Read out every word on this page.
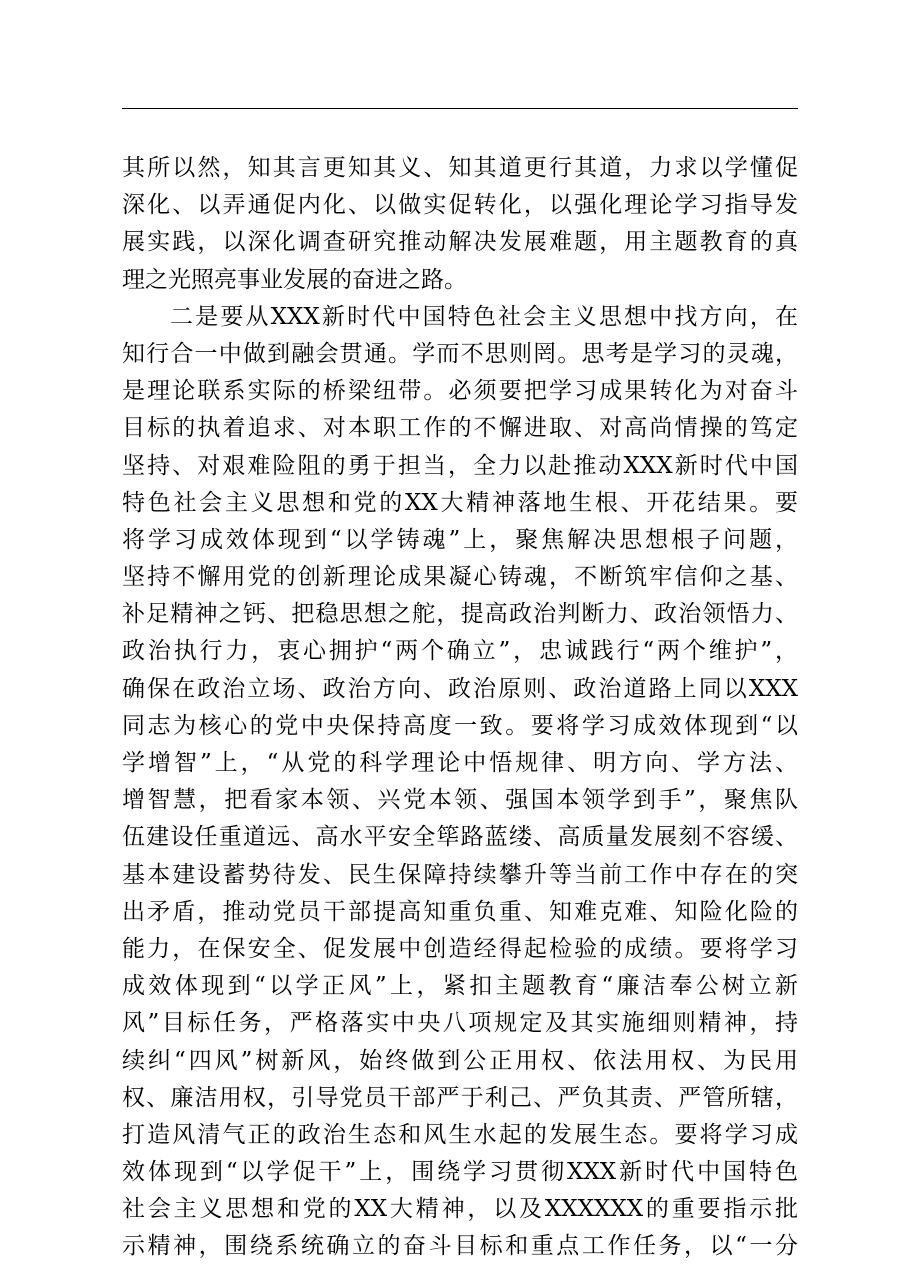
其所以然，知其言更知其义、知其道更行其道，力求以学懂促
深化、以弄通促内化、以做实促转化，以强化理论学习指导发
展实践，以深化调查研究推动解决发展难题，用主题教育的真
理之光照亮事业发展的奋进之路。
二是要从XXX新时代中国特色社会主义思想中找方向，在
知行合一中做到融会贯通。学而不思则罔。思考是学习的灵魂，
是理论联系实际的桥梁纽带。必须要把学习成果转化为对奋斗
目标的执着追求、对本职工作的不懈进取、对高尚情操的笃定
坚持、对艰难险阻的勇于担当，全力以赴推动XXX新时代中国
特色社会主义思想和党的XX大精神落地生根、开花结果。要
将学习成效体现到“以学铸魂”上，聚焦解决思想根子问题，
坚持不懈用党的创新理论成果凝心铸魂，不断筑牢信仰之基、
补足精神之钙、把稳思想之舵，提高政治判断力、政治领悟力、
政治执行力，衷心拥护“两个确立”，忠诚践行“两个维护”，
确保在政治立场、政治方向、政治原则、政治道路上同以XXX
同志为核心的党中央保持高度一致。要将学习成效体现到“以
学增智”上，“从党的科学理论中悟规律、明方向、学方法、
增智慧，把看家本领、兴党本领、强国本领学到手”，聚焦队
伍建设任重道远、高水平安全筚路蓝缕、高质量发展刻不容缓、
基本建设蓄势待发、民生保障持续攀升等当前工作中存在的突
出矛盾，推动党员干部提高知重负重、知难克难、知险化险的
能力，在保安全、促发展中创造经得起检验的成绩。要将学习
成效体现到“以学正风”上，紧扣主题教育“廉洁奉公树立新
风”目标任务，严格落实中央八项规定及其实施细则精神，持
续纠“四风”树新风，始终做到公正用权、依法用权、为民用
权、廉洁用权，引导党员干部严于利己、严负其责、严管所辖，
打造风清气正的政治生态和风生水起的发展生态。要将学习成
效体现到“以学促干”上，围绕学习贯彻XXX新时代中国特色
社会主义思想和党的XX大精神，以及XXXXXX的重要指示批
示精神，围绕系统确立的奋斗目标和重点工作任务，以“一分
